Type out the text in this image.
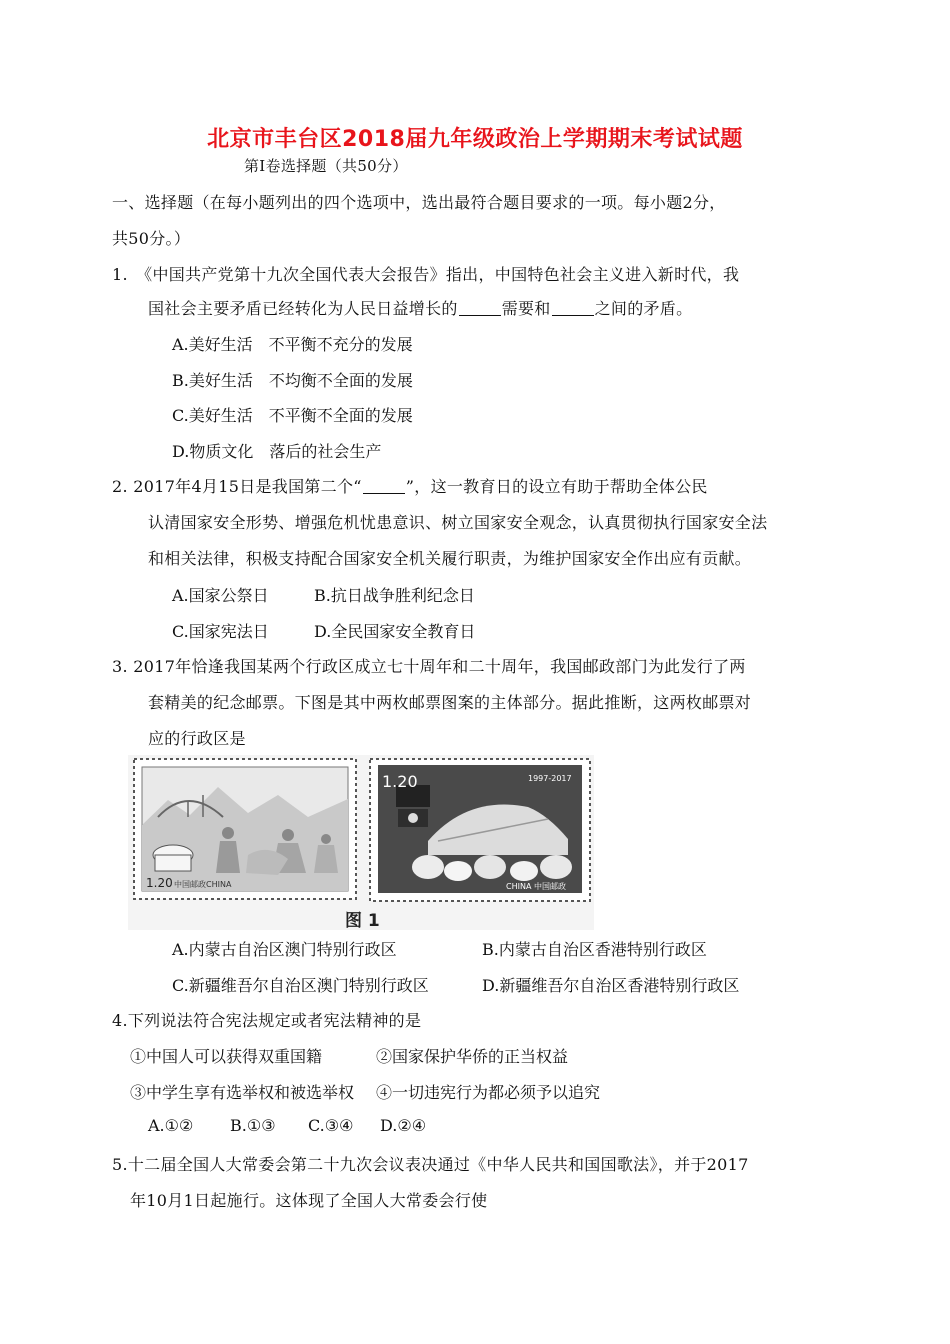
北京市丰台区2018届九年级政治上学期期末考试试题
第Ⅰ卷选择题（共50分）
一、选择题（在每小题列出的四个选项中，选出最符合题目要求的一项。每小题2分，
共50分。）
1.　《中国共产党第十九次全国代表大会报告》指出，中国特色社会主义进入新时代，我
国社会主要矛盾已经转化为人民日益增长的	需要和	之间的矛盾。
A.美好生活　不平衡不充分的发展
B.美好生活　不均衡不全面的发展
C.美好生活　不平衡不全面的发展
D.物质文化　落后的社会生产
2. 2017年4月15日是我国第二个“	”，这一教育日的设立有助于帮助全体公民
认清国家安全形势、增强危机忧患意识、树立国家安全观念，认真贯彻执行国家安全法
和相关法律，积极支持配合国家安全机关履行职责，为维护国家安全作出应有贡献。
A.国家公祭日	B.抗日战争胜利纪念日
C.国家宪法日	D.全民国家安全教育日
3. 2017年恰逢我国某两个行政区成立七十周年和二十周年，我国邮政部门为此发行了两
套精美的纪念邮票。下图是其中两枚邮票图案的主体部分。据此推断，这两枚邮票对
应的行政区是
1.20 中国邮政CHINA
1.20	1997-2017
CHINA 中国邮政
图 1
A.内蒙古自治区澳门特别行政区	B.内蒙古自治区香港特别行政区
C.新疆维吾尔自治区澳门特别行政区	D.新疆维吾尔自治区香港特别行政区
4.下列说法符合宪法规定或者宪法精神的是
①中国人可以获得双重国籍	②国家保护华侨的正当权益
③中学生享有选举权和被选举权 ④一切违宪行为都必须予以追究
A.①② B.①③ C.③④ D.②④
5.十二届全国人大常委会第二十九次会议表决通过《中华人民共和国国歌法》，并于2017
年10月1日起施行。这体现了全国人大常委会行使
